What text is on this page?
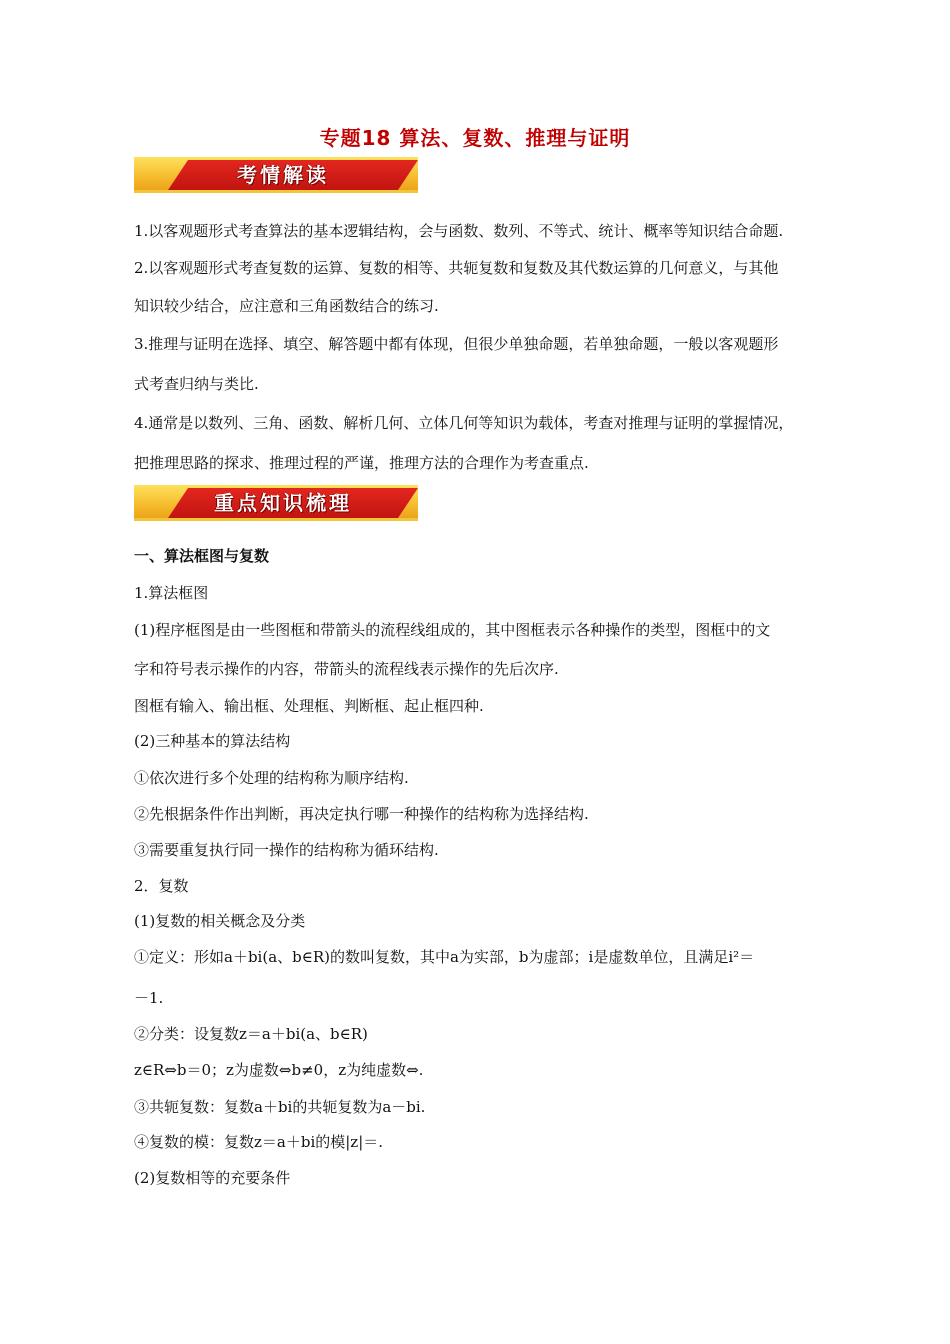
专题18 算法、复数、推理与证明
考情解读
1.以客观题形式考查算法的基本逻辑结构，会与函数、数列、不等式、统计、概率等知识结合命题.
2.以客观题形式考查复数的运算、复数的相等、共轭复数和复数及其代数运算的几何意义，与其他
知识较少结合，应注意和三角函数结合的练习.
3.推理与证明在选择、填空、解答题中都有体现，但很少单独命题，若单独命题，一般以客观题形
式考查归纳与类比.
4.通常是以数列、三角、函数、解析几何、立体几何等知识为载体，考查对推理与证明的掌握情况，
把推理思路的探求、推理过程的严谨，推理方法的合理作为考查重点.
重点知识梳理
一、算法框图与复数
1.算法框图
(1)程序框图是由一些图框和带箭头的流程线组成的，其中图框表示各种操作的类型，图框中的文
字和符号表示操作的内容，带箭头的流程线表示操作的先后次序.
图框有输入、输出框、处理框、判断框、起止框四种.
(2)三种基本的算法结构
①依次进行多个处理的结构称为顺序结构.
②先根据条件作出判断，再决定执行哪一种操作的结构称为选择结构.
③需要重复执行同一操作的结构称为循环结构.
2．复数
(1)复数的相关概念及分类
①定义：形如a＋bi(a、b∈R)的数叫复数，其中a为实部，b为虚部；i是虚数单位，且满足i²＝
－1.
②分类：设复数z＝a＋bi(a、b∈R)
z∈R⇔b＝0；z为虚数⇔b≠0，z为纯虚数⇔.
③共轭复数：复数a＋bi的共轭复数为a－bi.
④复数的模：复数z＝a＋bi的模|z|＝.
(2)复数相等的充要条件
